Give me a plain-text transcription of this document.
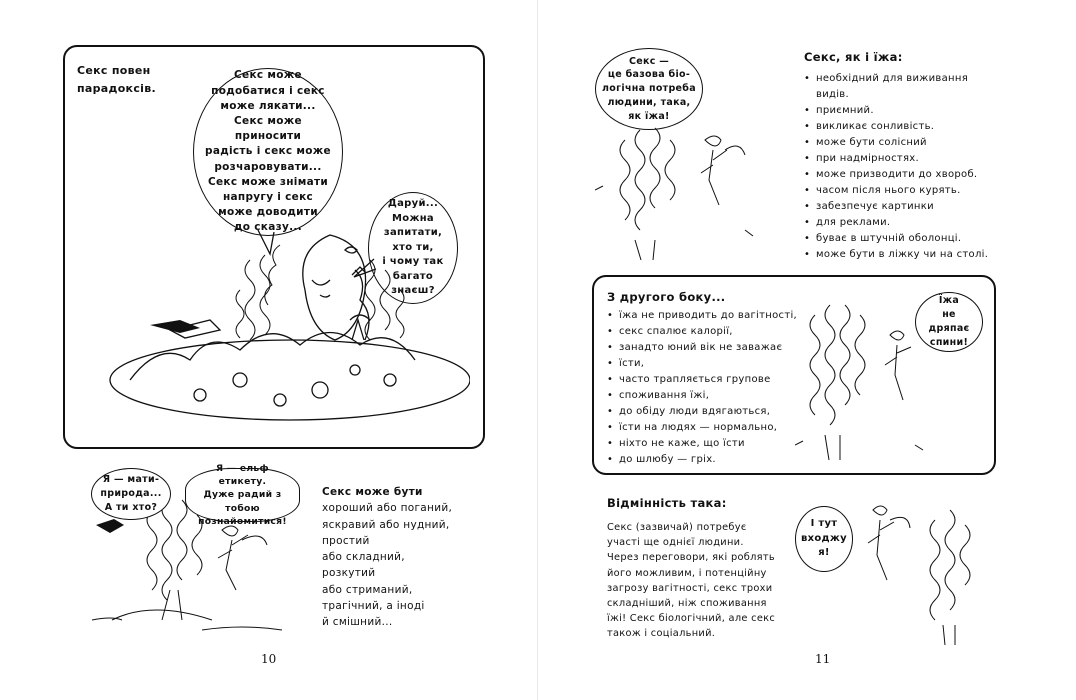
Секс повен
парадоксів.
Секс може
подобатися і секс
може лякати...
Секс може приносити
радість і секс може
розчаровувати...
Секс може знімати
напругу і секс
може доводити
до сказу...
Даруй...
Можна
запитати,
хто ти,
і чому так
багато
знаєш?
Я — мати-
природа...
А ти хто?
Я — ельф етикету.
Дуже радий з тобою
познайомитися!
Секс може бути
хороший або поганий,
яскравий або нудний,
простий
або складний,
розкутий
або стриманий,
трагічний, а іноді
й смішний...
10
Секс —
це базова біо-
логічна потреба
людини, така,
як їжа!
Секс, як і їжа:
• необхідний для виживання видів.
• приємний.
• викликає сонливість.
• може бути солісний
• при надмірностях.
• може призводити до хвороб.
• часом після нього курять.
• забезпечує картинки
• для реклами.
• буває в штучній оболонці.
• може бути в ліжку чи на столі.
З другого боку...
• їжа не приводить до вагітності,
• секс спалює калорії,
• занадто юний вік не заважає
• їсти,
• часто трапляється групове
• споживання їжі,
• до обіду люди вдягаються,
• їсти на людях — нормально,
• ніхто не каже, що їсти
• до шлюбу — гріх.
Їжа
не дряпає
спини!
Відмінність така:
Секс (зазвичай) потребує
участі ще однієї людини.
Через переговори, які роблять
його можливим, і потенційну
загрозу вагітності, секс трохи
складніший, ніж споживання
їжі! Секс біологічний, але секс
також і соціальний.
І тут
входжу
я!
11
